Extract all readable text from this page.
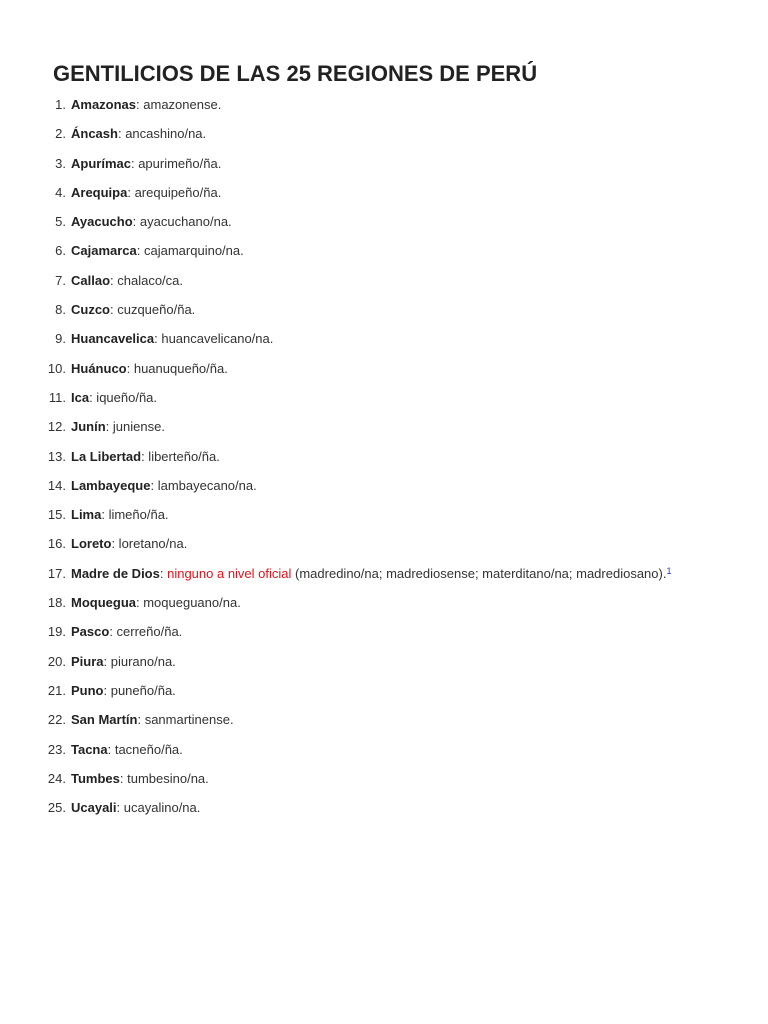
GENTILICIOS DE LAS 25 REGIONES DE PERÚ
1. Amazonas: amazonense.
2. Áncash: ancashino/na.
3. Apurímac: apurimeño/ña.
4. Arequipa: arequipeño/ña.
5. Ayacucho: ayacuchano/na.
6. Cajamarca: cajamarquino/na.
7. Callao: chalaco/ca.
8. Cuzco: cuzqueño/ña.
9. Huancavelica: huancavelicano/na.
10. Huánuco: huanuqueño/ña.
11. Ica: iqueño/ña.
12. Junín: juniense.
13. La Libertad: liberteño/ña.
14. Lambayeque: lambayecano/na.
15. Lima: limeño/ña.
16. Loreto: loretano/na.
17. Madre de Dios: ninguno a nivel oficial (madredino/na; madrediosense; materditano/na; madrediosano).$^1$
18. Moquegua: moqueguano/na.
19. Pasco: cerreño/ña.
20. Piura: piurano/na.
21. Puno: puneño/ña.
22. San Martín: sanmartinense.
23. Tacna: tacneño/ña.
24. Tumbes: tumbesino/na.
25. Ucayali: ucayalino/na.
